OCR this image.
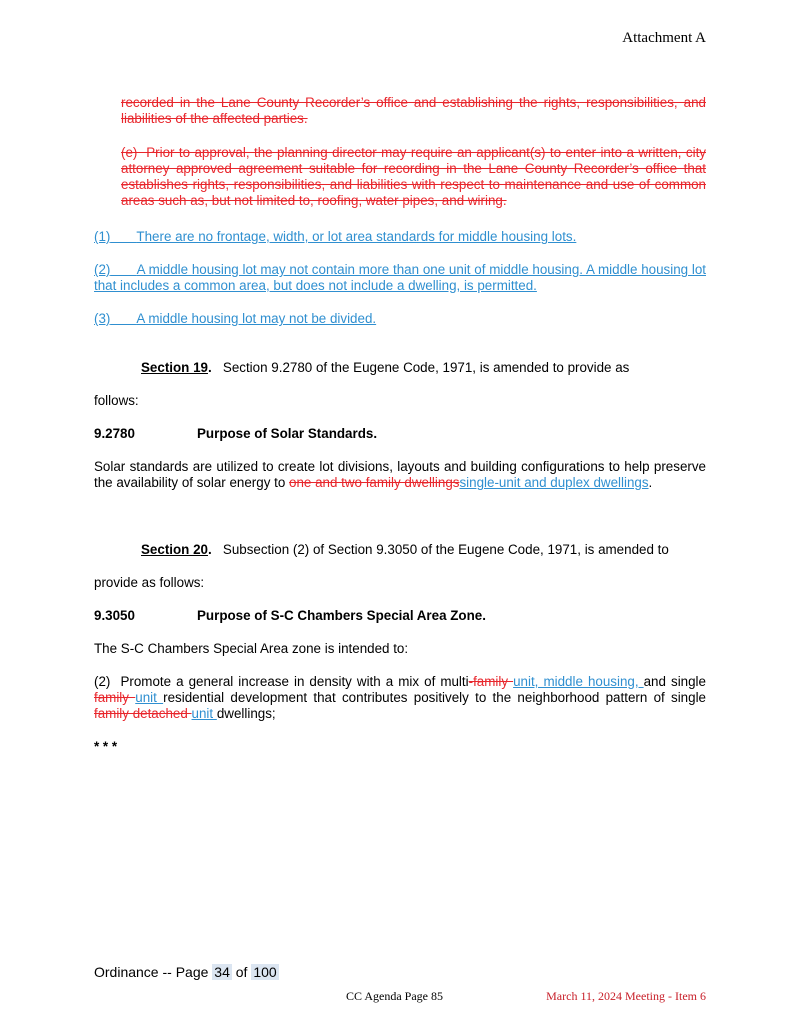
Attachment A

recorded in the Lane County Recorder’s office and establishing the rights, responsibilities, and liabilities of the affected parties.

(e)  Prior to approval, the planning director may require an applicant(s) to enter into a written, city attorney approved agreement suitable for recording in the Lane County Recorder’s office that establishes rights, responsibilities, and liabilities with respect to maintenance and use of common areas such as, but not limited to, roofing, water pipes, and wiring.

(1) There are no frontage, width, or lot area standards for middle housing lots.
(2) A middle housing lot may not contain more than one unit of middle housing. A middle housing lot that includes a common area, but does not include a dwelling, is permitted.
(3) A middle housing lot may not be divided.
Section 19. Section 9.2780 of the Eugene Code, 1971, is amended to provide as
follows:
9.2780	Purpose of Solar Standards.

Solar standards are utilized to create lot divisions, layouts and building configurations to help preserve the availability of solar energy to one and two family dwellingssingle-unit and duplex dwellings.

Section 20. Subsection (2) of Section 9.3050 of the Eugene Code, 1971, is amended to
provide as follows:
9.3050	Purpose of S-C Chambers Special Area Zone.
The S-C Chambers Special Area zone is intended to:

(2)  Promote a general increase in density with a mix of multi-family unit, middle housing, and single family unit residential development that contributes positively to the neighborhood pattern of single family detached unit dwellings;

* * *
Ordinance -- Page 34 of 100
CC Agenda Page 85	March 11, 2024 Meeting - Item 6
